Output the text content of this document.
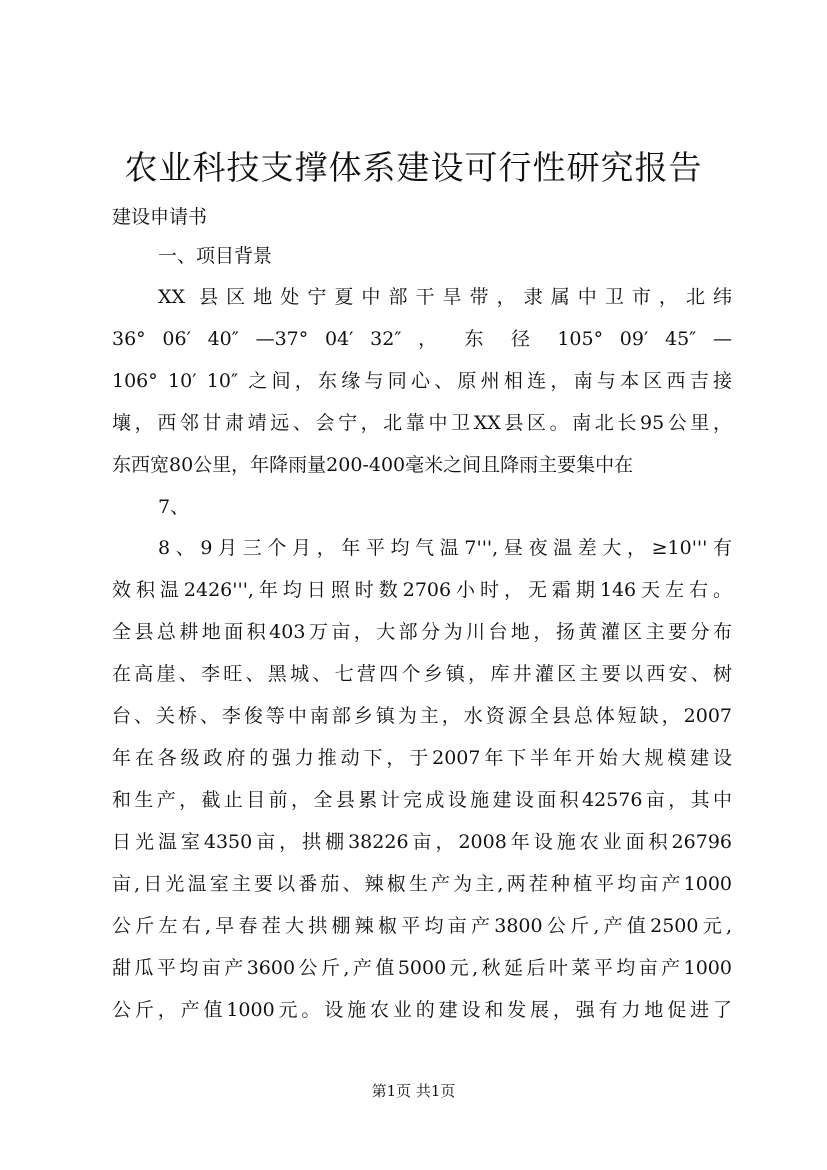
农业科技支撑体系建设可行性研究报告
建设申请书
一、项目背景
XX 县区地处宁夏中部干旱带，隶属中卫市，北纬
36° 06′ 40″ —37° 04′ 32″ ， 东 径 105° 09′ 45″ —
106° 10′ 10″ 之间，东缘与同心、原州相连，南与本区西吉接
壤，西邻甘肃靖远、会宁，北靠中卫XX县区。南北长95公里，
东西宽80公里，年降雨量200-400毫米之间且降雨主要集中在
7、
8、9月三个月，年平均气温7''',昼夜温差大，≥10'''有
效积温2426''',年均日照时数2706小时，无霜期146天左右。
全县总耕地面积403万亩，大部分为川台地，扬黄灌区主要分布
在高崖、李旺、黑城、七营四个乡镇，库井灌区主要以西安、树
台、关桥、李俊等中南部乡镇为主，水资源全县总体短缺，2007
年在各级政府的强力推动下，于2007年下半年开始大规模建设
和生产，截止目前，全县累计完成设施建设面积42576亩，其中
日光温室4350亩，拱棚38226亩，2008年设施农业面积26796
亩,日光温室主要以番茄、辣椒生产为主,两茬种植平均亩产1000
公斤左右,早春茬大拱棚辣椒平均亩产3800公斤,产值2500元,
甜瓜平均亩产3600公斤,产值5000元,秋延后叶菜平均亩产1000
公斤，产值1000元。设施农业的建设和发展，强有力地促进了
第1页 共1页
